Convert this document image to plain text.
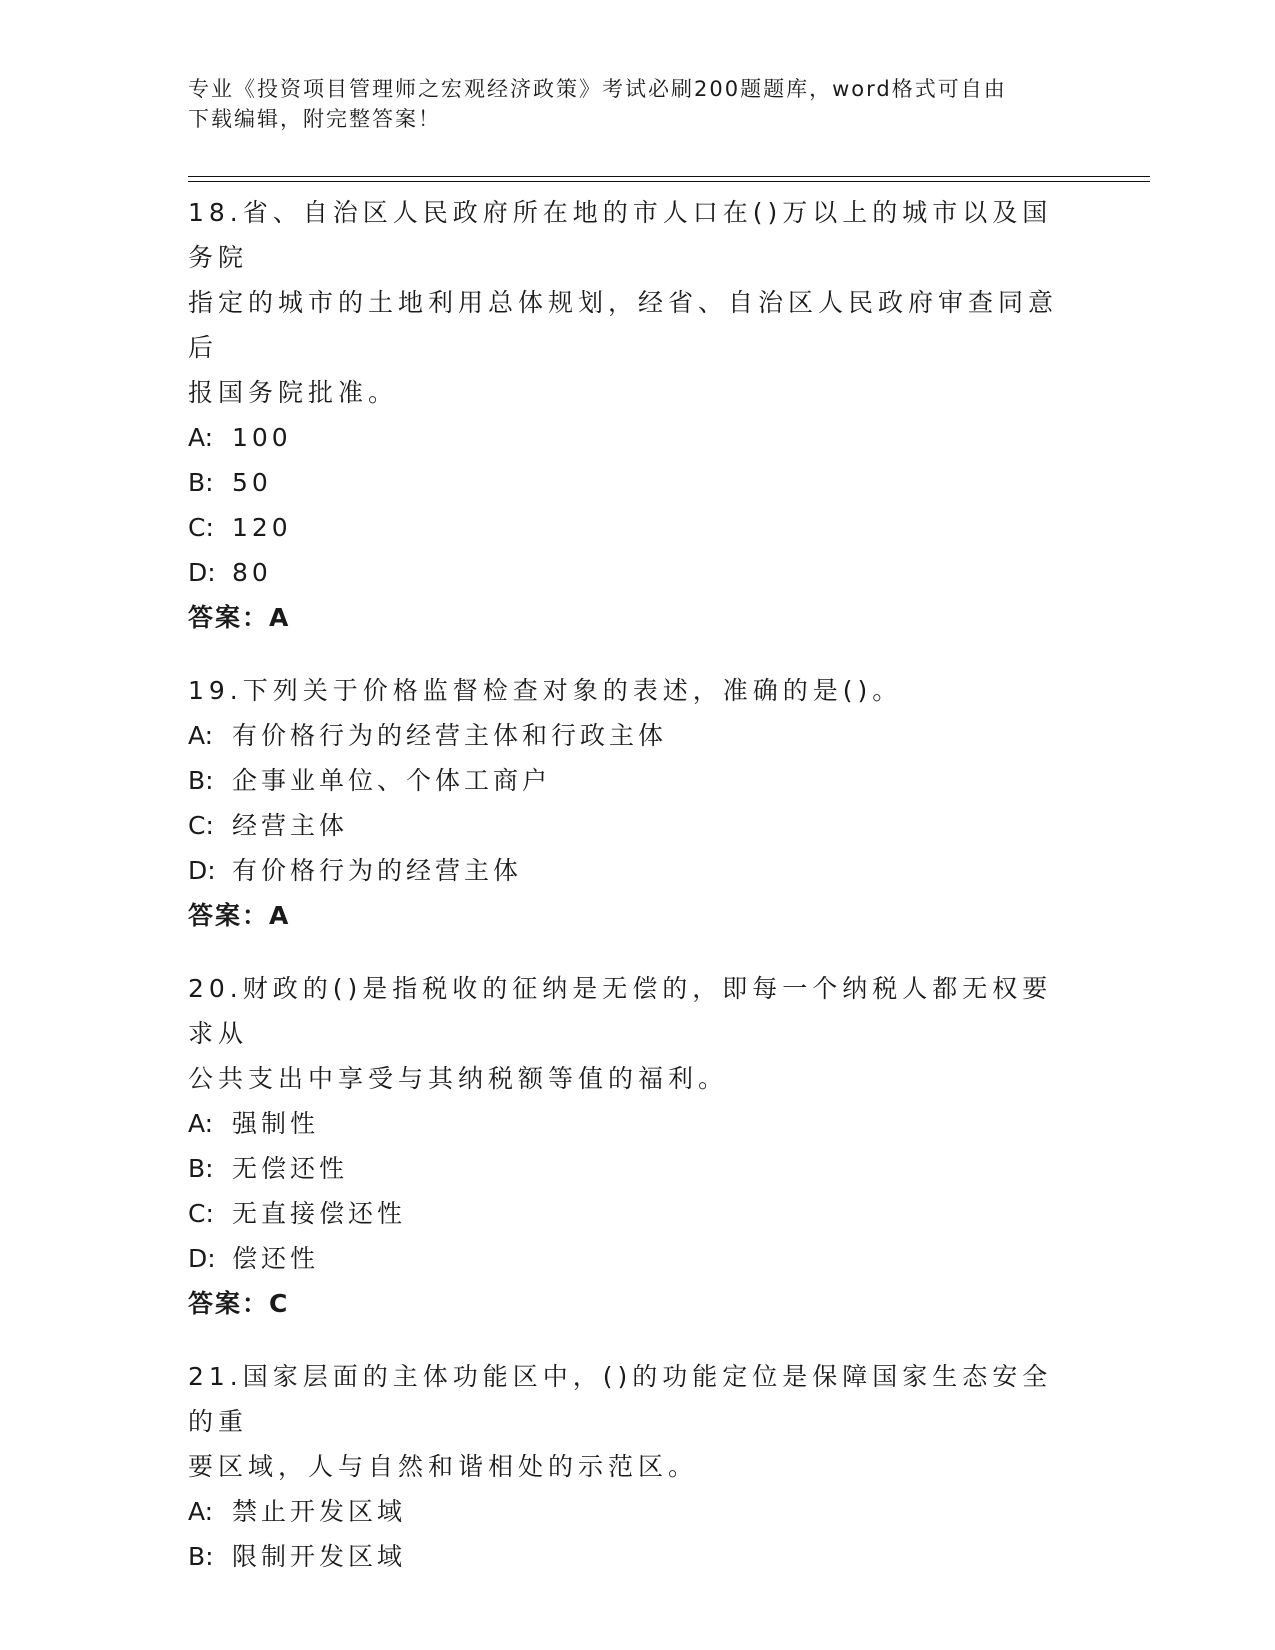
专业《投资项目管理师之宏观经济政策》考试必刷200题题库，word格式可自由
下载编辑，附完整答案！

18.省、自治区人民政府所在地的市人口在()万以上的城市以及国务院

指定的城市的土地利用总体规划，经省、自治区人民政府审查同意后

报国务院批准。

A: 100

B: 50

C: 120

D: 80

答案：A

19.下列关于价格监督检查对象的表述，准确的是()。

A: 有价格行为的经营主体和行政主体

B: 企事业单位、个体工商户

C: 经营主体

D: 有价格行为的经营主体

答案：A

20.财政的()是指税收的征纳是无偿的，即每一个纳税人都无权要求从

公共支出中享受与其纳税额等值的福利。

A: 强制性

B: 无偿还性

C: 无直接偿还性

D: 偿还性

答案：C

21.国家层面的主体功能区中，()的功能定位是保障国家生态安全的重

要区域，人与自然和谐相处的示范区。

A: 禁止开发区域

B: 限制开发区域
